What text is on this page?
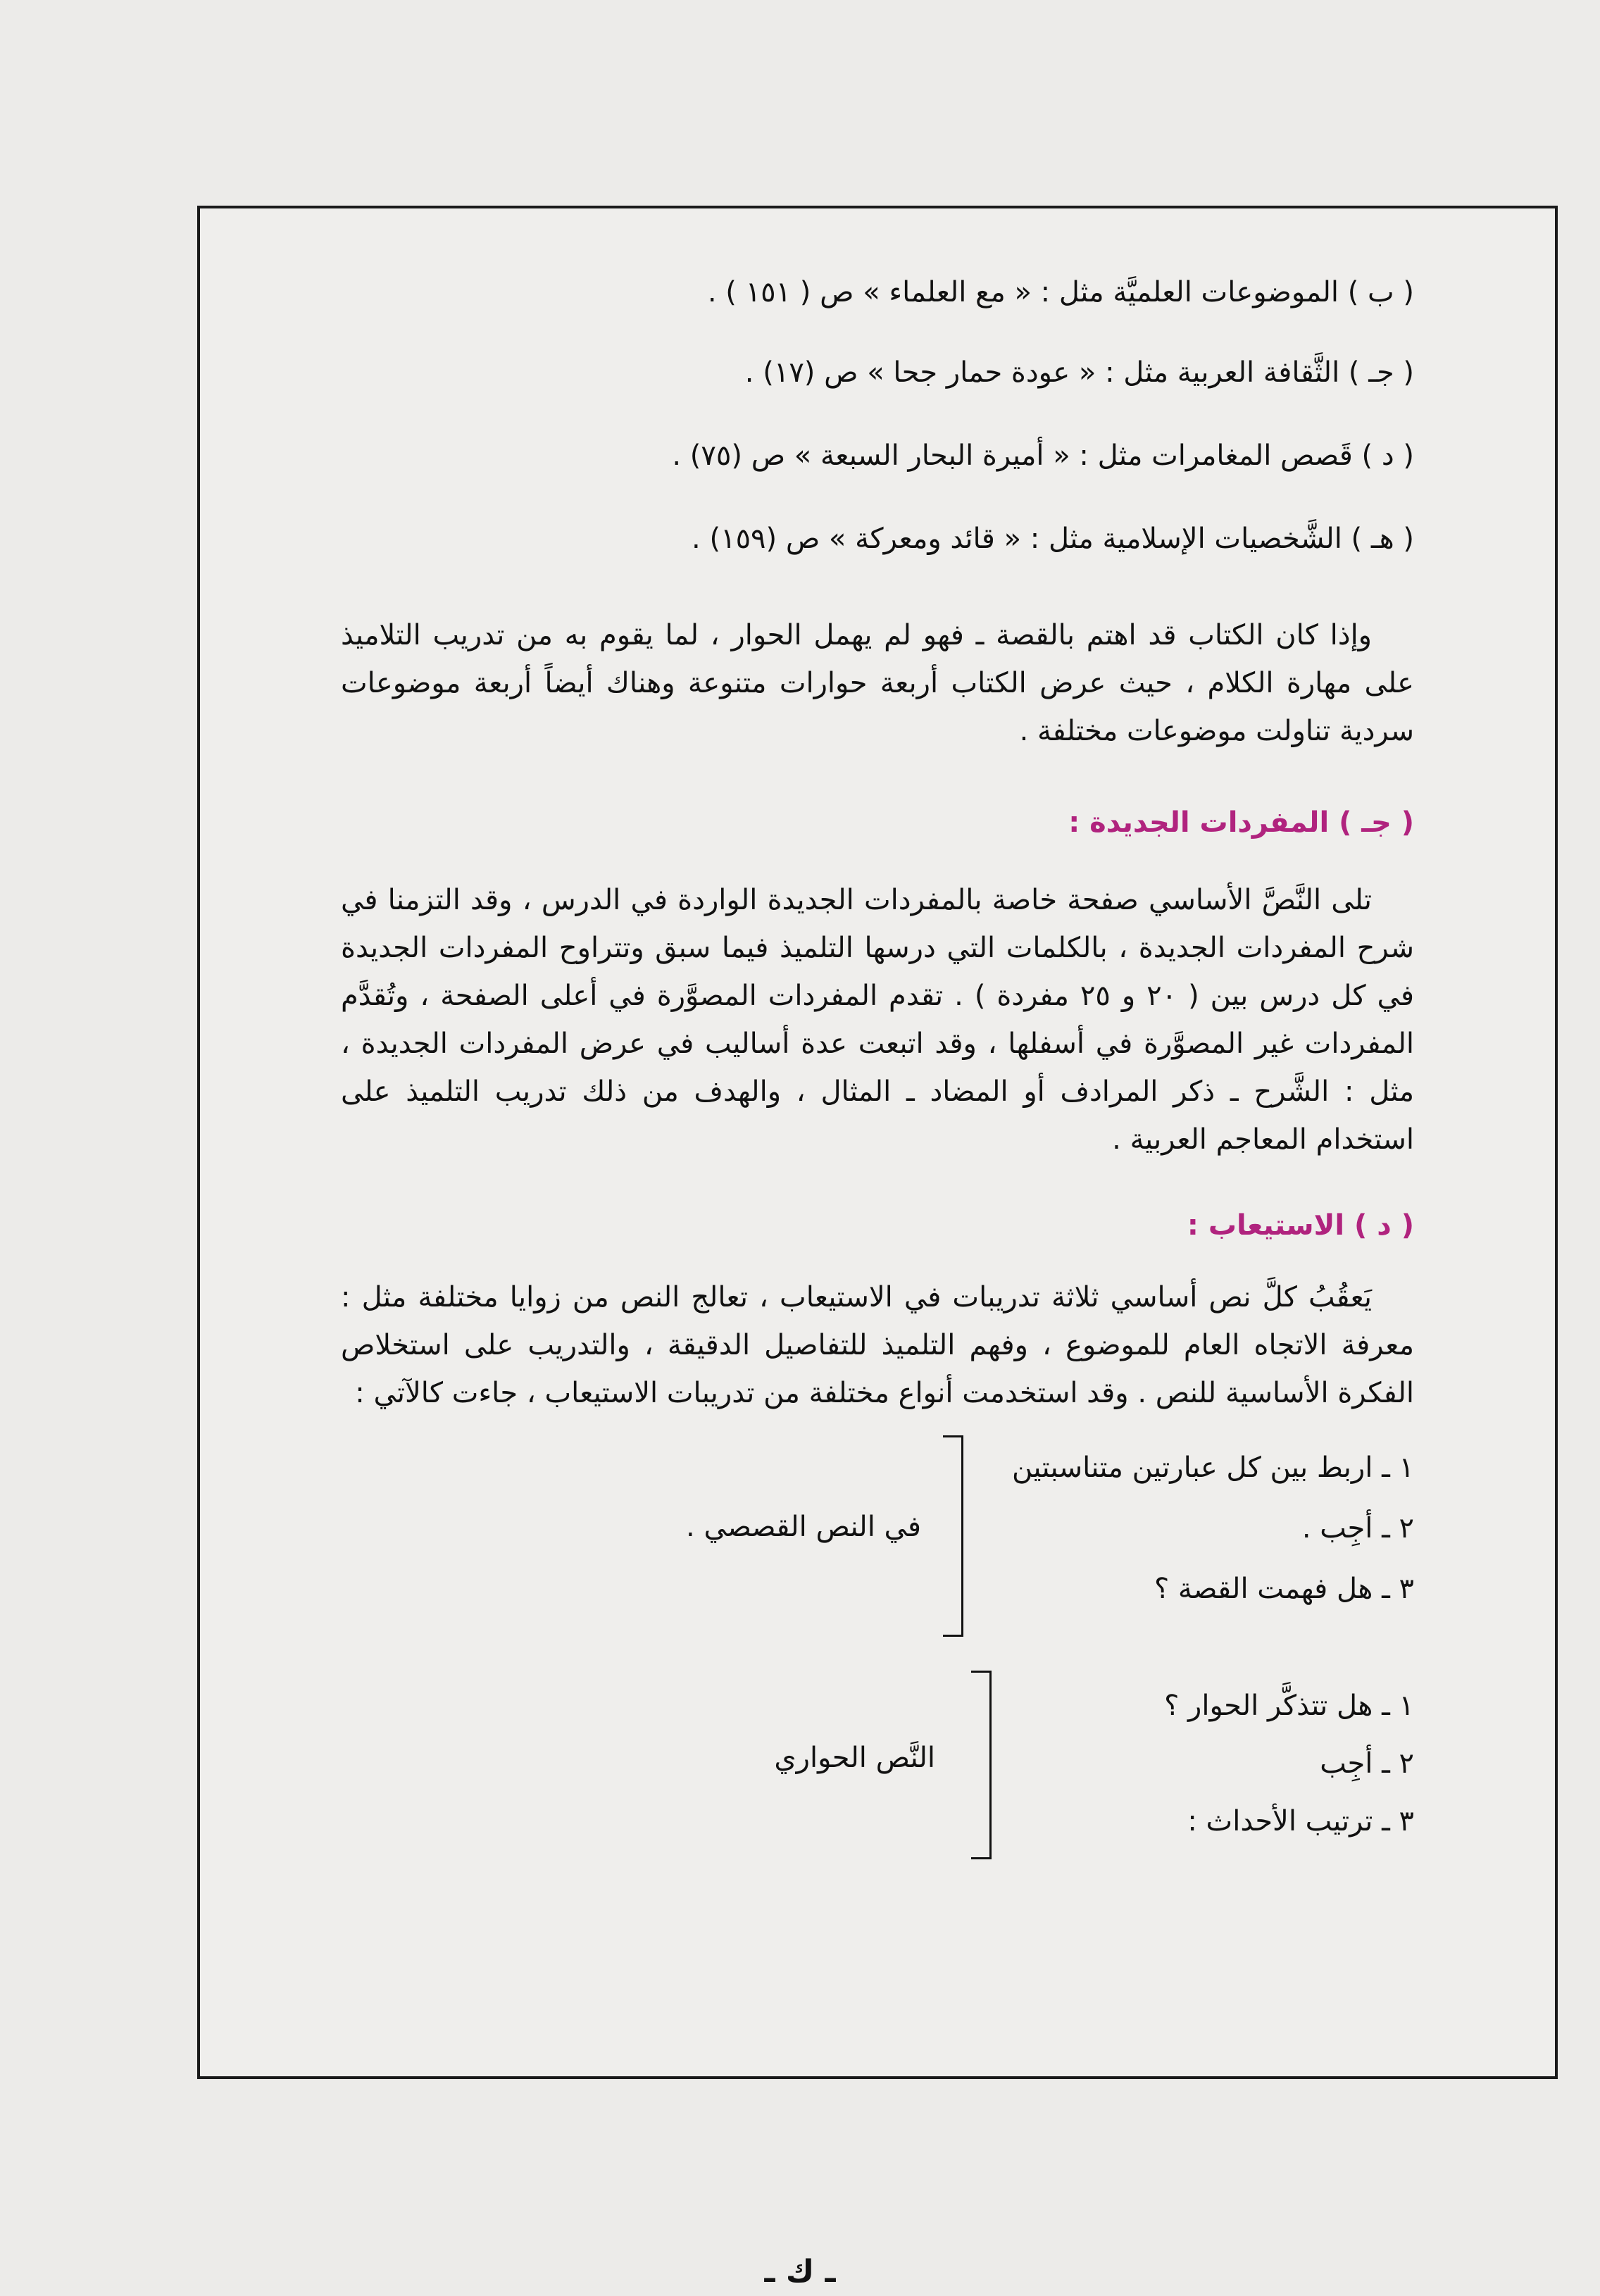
( ب ) الموضوعات العلميَّة مثل : « مع العلماء » ص ( ١٥١ ) .
( جـ ) الثَّقافة العربية مثل : « عودة حمار جحا » ص (١٧) .
( د ) قَصص المغامرات مثل : « أميرة البحار السبعة » ص (٧٥) .
( هـ ) الشَّخصيات الإسلامية مثل : « قائد ومعركة » ص (١٥٩) .

وإذا كان الكتاب قد اهتم بالقصة ـ فهو لم يهمل الحوار ، لما يقوم به من تدريب التلاميذ على مهارة الكلام ، حيث عرض الكتاب أربعة حوارات متنوعة وهناك أيضاً أربعة موضوعات سردية تناولت موضوعات مختلفة .

( جـ ) المفردات الجديدة :

تلى النَّصَّ الأساسي صفحة خاصة بالمفردات الجديدة الواردة في الدرس ، وقد التزمنا في شرح المفردات الجديدة ، بالكلمات التي درسها التلميذ فيما سبق وتتراوح المفردات الجديدة في كل درس بين ( ٢٠ و ٢٥ مفردة ) . تقدم المفردات المصوَّرة في أعلى الصفحة ، وتُقدَّم المفردات غير المصوَّرة في أسفلها ، وقد اتبعت عدة أساليب في عرض المفردات الجديدة ، مثل : الشَّرح ـ ذكر المرادف أو المضاد ـ المثال ، والهدف من ذلك تدريب التلميذ على استخدام المعاجم العربية .

( د ) الاستيعاب :

يَعقُبُ كلَّ نص أساسي ثلاثة تدريبات في الاستيعاب ، تعالج النص من زوايا مختلفة مثل : معرفة الاتجاه العام للموضوع ، وفهم التلميذ للتفاصيل الدقيقة ، والتدريب على استخلاص الفكرة الأساسية للنص . وقد استخدمت أنواع مختلفة من تدريبات الاستيعاب ، جاءت كالآتي :

١ ـ اربط بين كل عبارتين متناسبتين
٢ ـ أجِب .
٣ ـ هل فهمت القصة ؟
في النص القصصي .
١ ـ هل تتذكَّر الحوار ؟
٢ ـ أجِب
٣ ـ ترتيب الأحداث :
النَّص الحواري
ـ ك ـ
